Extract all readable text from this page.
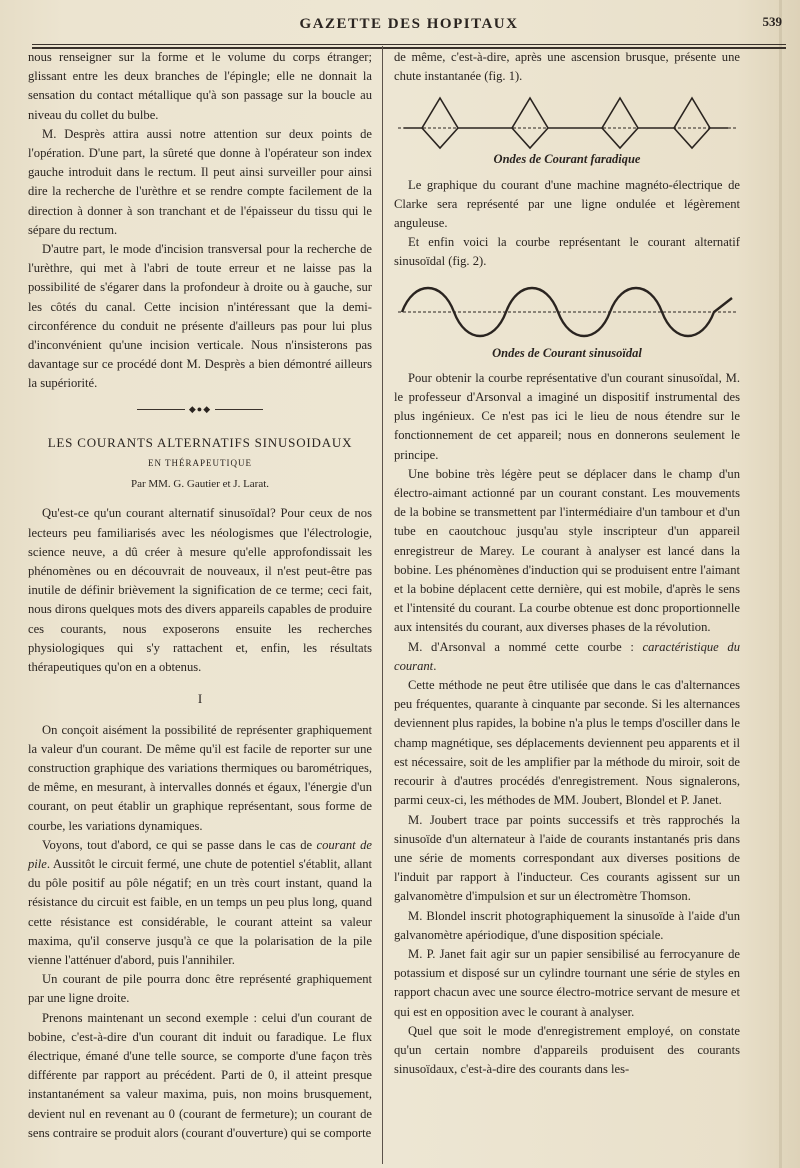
GAZETTE DES HOPITAUX	539

nous renseigner sur la forme et le volume du corps étranger; glissant entre les deux branches de l'épingle; elle ne donnait la sensation du contact métallique qu'à son passage sur la boucle au niveau du collet du bulbe.

M. Desprès attira aussi notre attention sur deux points de l'opération. D'une part, la sûreté que donne à l'opérateur son index gauche introduit dans le rectum. Il peut ainsi surveiller pour ainsi dire la recherche de l'urèthre et se rendre compte facilement de la direction à donner à son tranchant et de l'épaisseur du tissu qui le sépare du rectum.

D'autre part, le mode d'incision transversal pour la recherche de l'urèthre, qui met à l'abri de toute erreur et ne laisse pas la possibilité de s'égarer dans la profondeur à droite ou à gauche, sur les côtés du canal. Cette incision n'intéressant que la demi-circonférence du conduit ne présente d'ailleurs pas pour lui plus d'inconvénient qu'une incision verticale. Nous n'insisterons pas davantage sur ce procédé dont M. Desprès a bien démontré ailleurs la supériorité.

◆●◆
LES COURANTS ALTERNATIFS SINUSOIDAUX
EN THÉRAPEUTIQUE
Par MM. G. Gautier et J. Larat.

Qu'est-ce qu'un courant alternatif sinusoïdal? Pour ceux de nos lecteurs peu familiarisés avec les néologismes que l'électrologie, science neuve, a dû créer à mesure qu'elle approfondissait les phénomènes ou en découvrait de nouveaux, il n'est peut-être pas inutile de définir brièvement la signification de ce terme; ceci fait, nous dirons quelques mots des divers appareils capables de produire ces courants, nous exposerons ensuite les recherches physiologiques qui s'y rattachent et, enfin, les résultats thérapeutiques qu'on en a obtenus.

I

On conçoit aisément la possibilité de représenter graphiquement la valeur d'un courant. De même qu'il est facile de reporter sur une construction graphique des variations thermiques ou barométriques, de même, en mesurant, à intervalles donnés et égaux, l'énergie d'un courant, on peut établir un graphique représentant, sous forme de courbe, les variations dynamiques.

Voyons, tout d'abord, ce qui se passe dans le cas de courant de pile. Aussitôt le circuit fermé, une chute de potentiel s'établit, allant du pôle positif au pôle négatif; en un très court instant, quand la résistance du circuit est faible, en un temps un peu plus long, quand cette résistance est considérable, le courant atteint sa valeur maxima, qu'il conserve jusqu'à ce que la polarisation de la pile vienne l'atténuer d'abord, puis l'annihiler.

Un courant de pile pourra donc être représenté graphiquement par une ligne droite.

Prenons maintenant un second exemple : celui d'un courant de bobine, c'est-à-dire d'un courant dit induit ou faradique. Le flux électrique, émané d'une telle source, se comporte d'une façon très différente par rapport au précédent. Parti de 0, il atteint presque instantanément sa valeur maxima, puis, non moins brusquement, devient nul en revenant au 0 (courant de fermeture); un courant de sens contraire se produit alors (courant d'ouverture) qui se comporte

de même, c'est-à-dire, après une ascension brusque, présente une chute instantanée (fig. 1).

Ondes de Courant faradique

Le graphique du courant d'une machine magnéto-électrique de Clarke sera représenté par une ligne ondulée et légèrement anguleuse.

Et enfin voici la courbe représentant le courant alternatif sinusoïdal (fig. 2).

Ondes de Courant sinusoïdal

Pour obtenir la courbe représentative d'un courant sinusoïdal, M. le professeur d'Arsonval a imaginé un dispositif instrumental des plus ingénieux. Ce n'est pas ici le lieu de nous étendre sur le fonctionnement de cet appareil; nous en donnerons seulement le principe.

Une bobine très légère peut se déplacer dans le champ d'un électro-aimant actionné par un courant constant. Les mouvements de la bobine se transmettent par l'intermédiaire d'un tambour et d'un tube en caoutchouc jusqu'au style inscripteur d'un appareil enregistreur de Marey. Le courant à analyser est lancé dans la bobine. Les phénomènes d'induction qui se produisent entre l'aimant et la bobine déplacent cette dernière, qui est mobile, d'après le sens et l'intensité du courant. La courbe obtenue est donc proportionnelle aux intensités du courant, aux diverses phases de la révolution.

M. d'Arsonval a nommé cette courbe : caractéristique du courant.

Cette méthode ne peut être utilisée que dans le cas d'alternances peu fréquentes, quarante à cinquante par seconde. Si les alternances deviennent plus rapides, la bobine n'a plus le temps d'osciller dans le champ magnétique, ses déplacements deviennent peu apparents et il est nécessaire, soit de les amplifier par la méthode du miroir, soit de recourir à d'autres procédés d'enregistrement. Nous signalerons, parmi ceux-ci, les méthodes de MM. Joubert, Blondel et P. Janet.

M. Joubert trace par points successifs et très rapprochés la sinusoïde d'un alternateur à l'aide de courants instantanés pris dans une série de moments correspondant aux diverses positions de l'induit par rapport à l'inducteur. Ces courants agissent sur un galvanomètre d'impulsion et sur un électromètre Thomson.

M. Blondel inscrit photographiquement la sinusoïde à l'aide d'un galvanomètre apériodique, d'une disposition spéciale.

M. P. Janet fait agir sur un papier sensibilisé au ferrocyanure de potassium et disposé sur un cylindre tournant une série de styles en rapport chacun avec une source électro-motrice servant de mesure et qui est en opposition avec le courant à analyser.

Quel que soit le mode d'enregistrement employé, on constate qu'un certain nombre d'appareils produisent des courants sinusoïdaux, c'est-à-dire des courants dans les-
